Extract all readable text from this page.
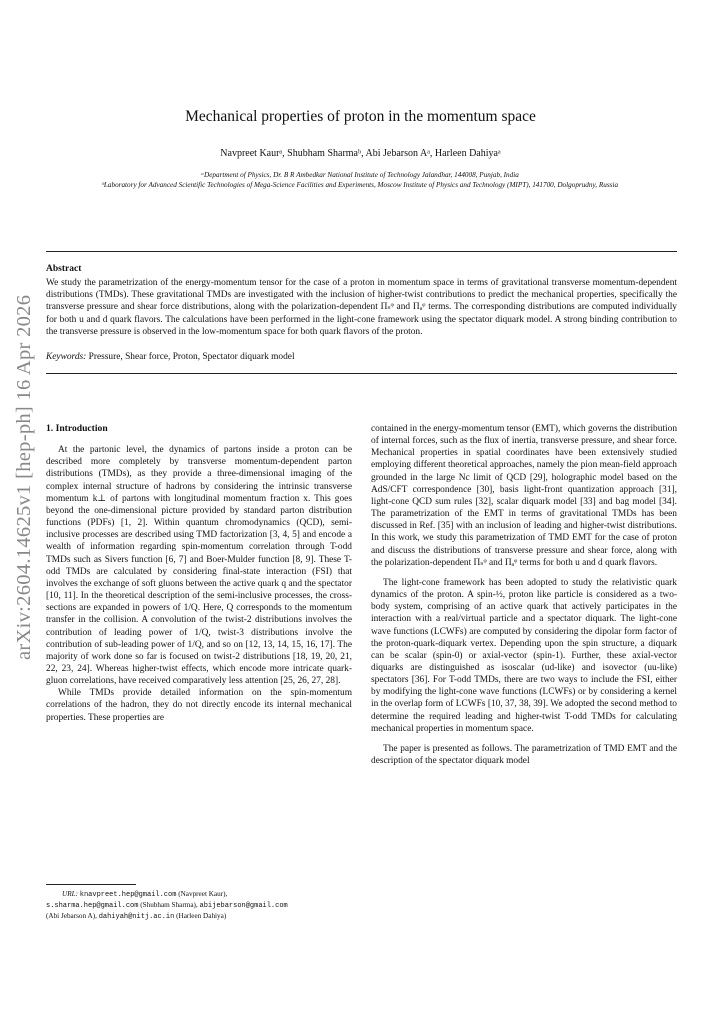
arXiv:2604.14625v1 [hep-ph] 16 Apr 2026
Mechanical properties of proton in the momentum space
Navpreet Kaurᵃ, Shubham Sharmaᵇ, Abi Jebarson Aᵃ, Harleen Dahiyaᵃ
ᵃDepartment of Physics, Dr. B R Ambedkar National Institute of Technology Jalandhar, 144008, Punjab, India
ᵇLaboratory for Advanced Scientific Technologies of Mega-Science Facilities and Experiments, Moscow Institute of Physics and Technology (MIPT), 141700, Dolgoprudny, Russia
Abstract
We study the parametrization of the energy-momentum tensor for the case of a proton in momentum space in terms of gravitational transverse momentum-dependent distributions (TMDs). These gravitational TMDs are investigated with the inclusion of higher-twist contributions to predict the mechanical properties, specifically the transverse pressure and shear force distributions, along with the polarization-dependent Πₛᵠ and Πₐᵠ terms. The corresponding distributions are computed individually for both u and d quark flavors. The calculations have been performed in the light-cone framework using the spectator diquark model. A strong binding contribution to the transverse pressure is observed in the low-momentum space for both quark flavors of the proton.
Keywords: Pressure, Shear force, Proton, Spectator diquark model
1. Introduction

At the partonic level, the dynamics of partons inside a proton can be described more completely by transverse momentum-dependent parton distributions (TMDs), as they provide a three-dimensional imaging of the complex internal structure of hadrons by considering the intrinsic transverse momentum k⊥ of partons with longitudinal momentum fraction x. This goes beyond the one-dimensional picture provided by standard parton distribution functions (PDFs) [1, 2]. Within quantum chromodynamics (QCD), semi-inclusive processes are described using TMD factorization [3, 4, 5] and encode a wealth of information regarding spin-momentum correlation through T-odd TMDs such as Sivers function [6, 7] and Boer-Mulder function [8, 9]. These T-odd TMDs are calculated by considering final-state interaction (FSI) that involves the exchange of soft gluons between the active quark q and the spectator [10, 11]. In the theoretical description of the semi-inclusive processes, the cross-sections are expanded in powers of 1/Q. Here, Q corresponds to the momentum transfer in the collision. A convolution of the twist-2 distributions involves the contribution of leading power of 1/Q, twist-3 distributions involve the contribution of sub-leading power of 1/Q, and so on [12, 13, 14, 15, 16, 17]. The majority of work done so far is focused on twist-2 distributions [18, 19, 20, 21, 22, 23, 24]. Whereas higher-twist effects, which encode more intricate quark-gluon correlations, have received comparatively less attention [25, 26, 27, 28].

While TMDs provide detailed information on the spin-momentum correlations of the hadron, they do not directly encode its internal mechanical properties. These properties are

contained in the energy-momentum tensor (EMT), which governs the distribution of internal forces, such as the flux of inertia, transverse pressure, and shear force. Mechanical properties in spatial coordinates have been extensively studied employing different theoretical approaches, namely the pion mean-field approach grounded in the large Nc limit of QCD [29], holographic model based on the AdS/CFT correspondence [30], basis light-front quantization approach [31], light-cone QCD sum rules [32], scalar diquark model [33] and bag model [34]. The parametrization of the EMT in terms of gravitational TMDs has been discussed in Ref. [35] with an inclusion of leading and higher-twist distributions. In this work, we study this parametrization of TMD EMT for the case of proton and discuss the distributions of transverse pressure and shear force, along with the polarization-dependent Πₛᵠ and Πₐᵠ terms for both u and d quark flavors.

The light-cone framework has been adopted to study the relativistic quark dynamics of the proton. A spin-½, proton like particle is considered as a two-body system, comprising of an active quark that actively participates in the interaction with a real/virtual particle and a spectator diquark. The light-cone wave functions (LCWFs) are computed by considering the dipolar form factor of the proton-quark-diquark vertex. Depending upon the spin structure, a diquark can be scalar (spin-0) or axial-vector (spin-1). Further, these axial-vector diquarks are distinguished as isoscalar (ud-like) and isovector (uu-like) spectators [36]. For T-odd TMDs, there are two ways to include the FSI, either by modifying the light-cone wave functions (LCWFs) or by considering a kernel in the overlap form of LCWFs [10, 37, 38, 39]. We adopted the second method to determine the required leading and higher-twist T-odd TMDs for calculating mechanical properties in momentum space.

The paper is presented as follows. The parametrization of TMD EMT and the description of the spectator diquark model

URL: knavpreet.hep@gmail.com (Navpreet Kaur),
s.sharma.hep@gmail.com (Shubham Sharma), abijebarson@gmail.com
(Abi Jebarson A), dahiyah@nitj.ac.in (Harleen Dahiya)
